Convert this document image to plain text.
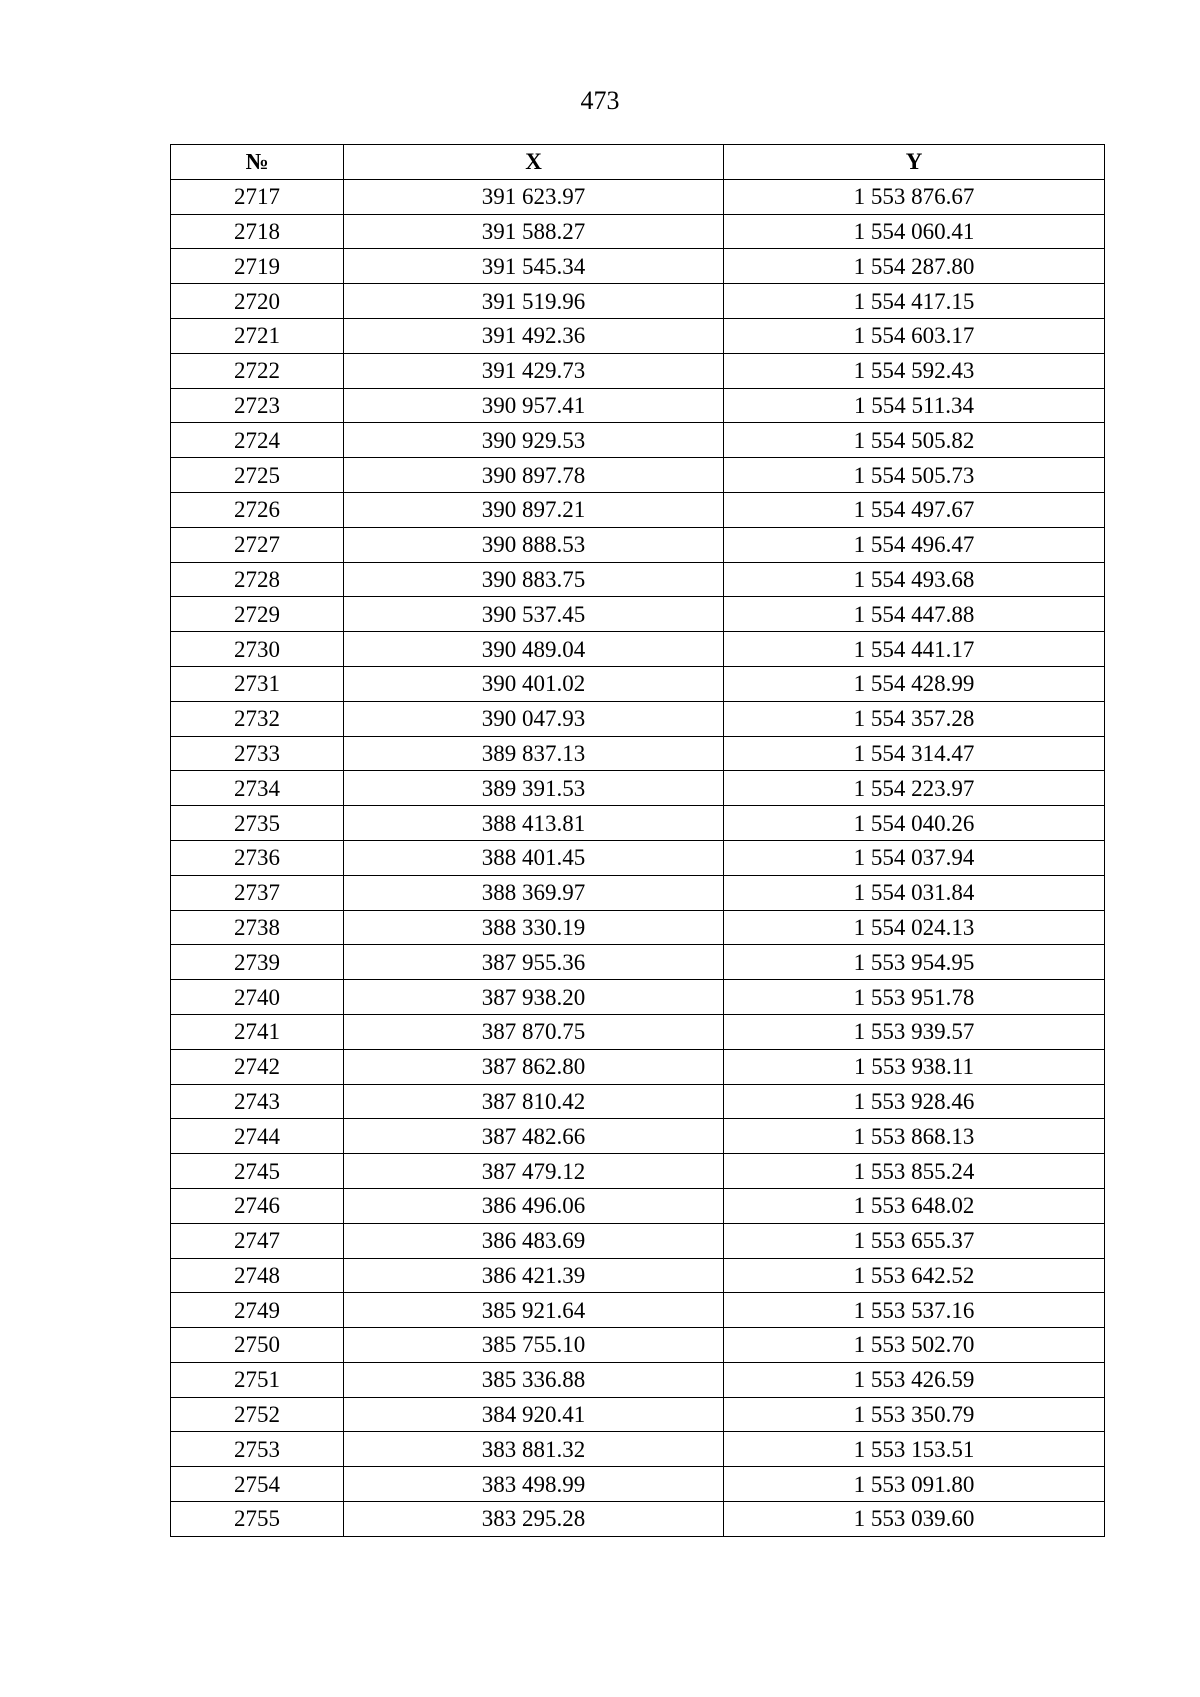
473
№	X	Y
2717	391 623.97	1 553 876.67
2718	391 588.27	1 554 060.41
2719	391 545.34	1 554 287.80
2720	391 519.96	1 554 417.15
2721	391 492.36	1 554 603.17
2722	391 429.73	1 554 592.43
2723	390 957.41	1 554 511.34
2724	390 929.53	1 554 505.82
2725	390 897.78	1 554 505.73
2726	390 897.21	1 554 497.67
2727	390 888.53	1 554 496.47
2728	390 883.75	1 554 493.68
2729	390 537.45	1 554 447.88
2730	390 489.04	1 554 441.17
2731	390 401.02	1 554 428.99
2732	390 047.93	1 554 357.28
2733	389 837.13	1 554 314.47
2734	389 391.53	1 554 223.97
2735	388 413.81	1 554 040.26
2736	388 401.45	1 554 037.94
2737	388 369.97	1 554 031.84
2738	388 330.19	1 554 024.13
2739	387 955.36	1 553 954.95
2740	387 938.20	1 553 951.78
2741	387 870.75	1 553 939.57
2742	387 862.80	1 553 938.11
2743	387 810.42	1 553 928.46
2744	387 482.66	1 553 868.13
2745	387 479.12	1 553 855.24
2746	386 496.06	1 553 648.02
2747	386 483.69	1 553 655.37
2748	386 421.39	1 553 642.52
2749	385 921.64	1 553 537.16
2750	385 755.10	1 553 502.70
2751	385 336.88	1 553 426.59
2752	384 920.41	1 553 350.79
2753	383 881.32	1 553 153.51
2754	383 498.99	1 553 091.80
2755	383 295.28	1 553 039.60
